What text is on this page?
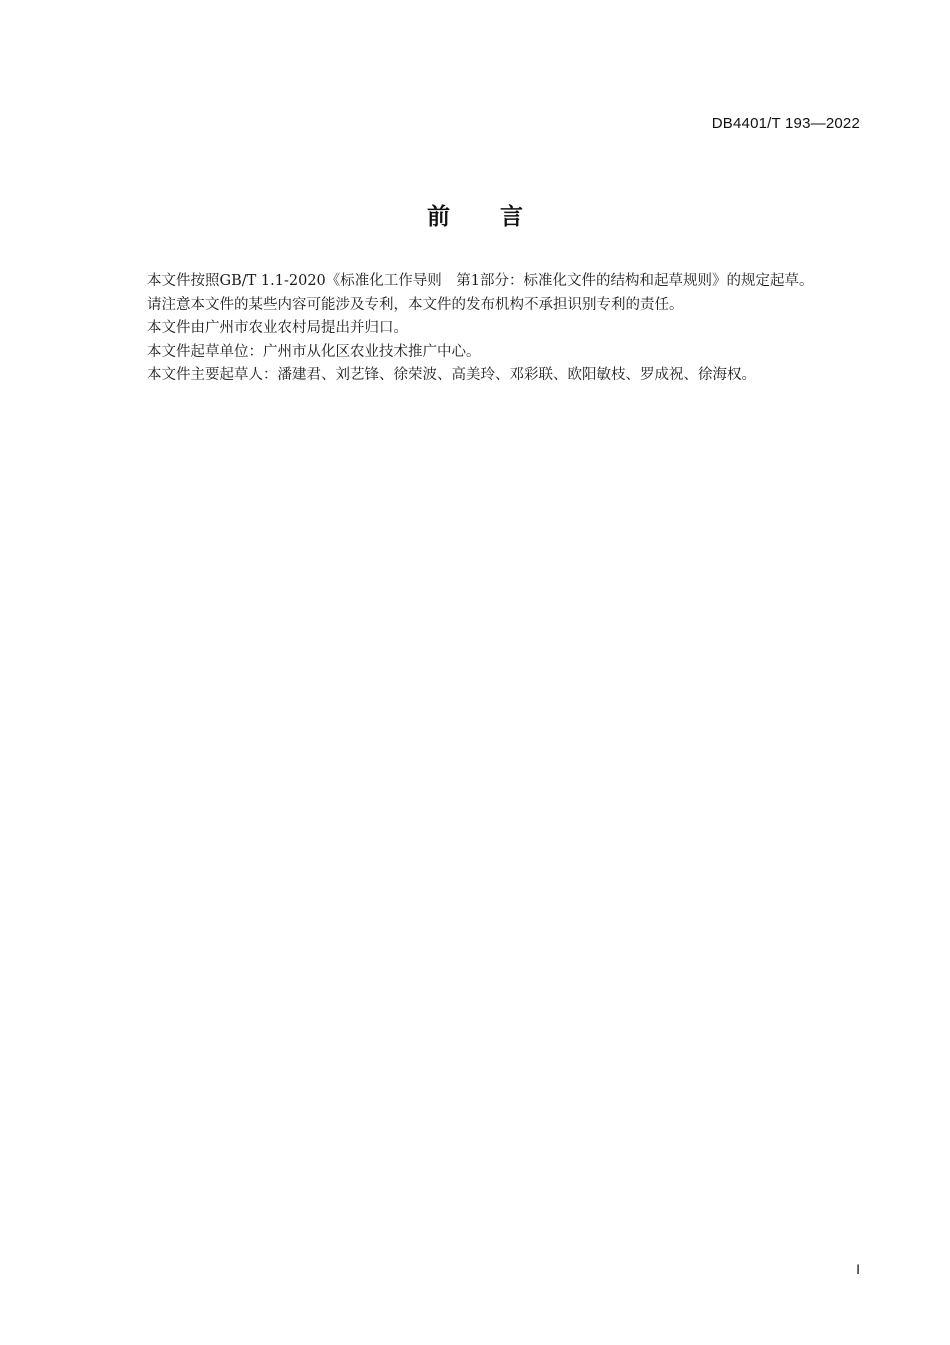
DB4401/T 193—2022
前言

本文件按照GB/T 1.1-2020《标准化工作导则　第1部分：标准化文件的结构和起草规则》的规定起草。

请注意本文件的某些内容可能涉及专利，本文件的发布机构不承担识别专利的责任。

本文件由广州市农业农村局提出并归口。

本文件起草单位：广州市从化区农业技术推广中心。

本文件主要起草人：潘建君、刘艺锋、徐荣波、高美玲、邓彩联、欧阳敏枝、罗成祝、徐海权。

I
